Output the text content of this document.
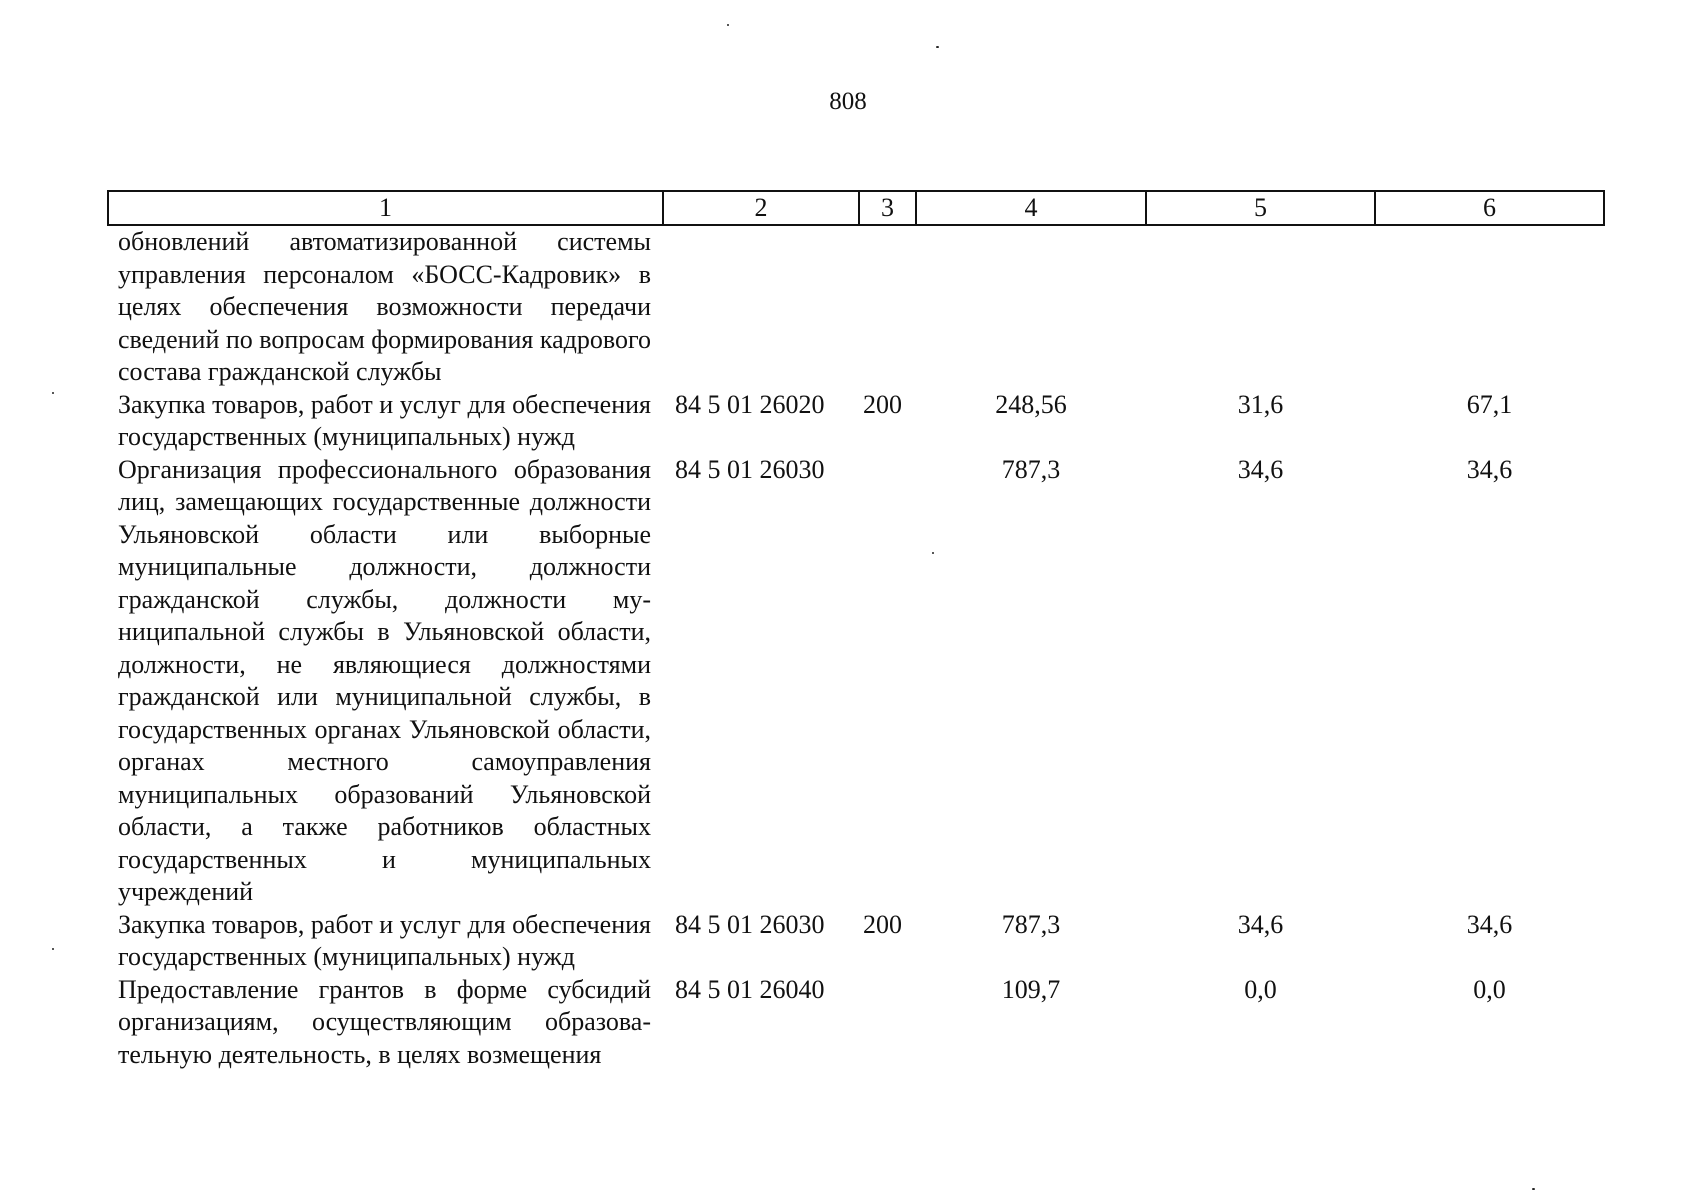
808
1	2	3	4	5	6
обновлений автоматизированной системы управления персоналом «БОСС-Кадровик» в целях обеспечения возможности передачи сведений по вопросам формирования кадрового состава гражданской службы					
Закупка товаров, работ и услуг для обеспечения государственных (муниципальных) нужд	84 5 01 26020	200	248,56	31,6	67,1
Организация профессионального образования лиц, замещающих государственные должности Ульяновской области или выборные муниципальные должности, должности гражданской службы, должности муниципальной службы в Ульяновской области, должности, не являющиеся должностями гражданской или муниципальной службы, в государственных органах Ульяновской области, органах местного самоуправления муниципальных образований Ульяновской области, а также работников областных государственных и муниципальных учреждений	84 5 01 26030		787,3	34,6	34,6
Закупка товаров, работ и услуг для обеспечения государственных (муниципальных) нужд	84 5 01 26030	200	787,3	34,6	34,6
Предоставление грантов в форме субсидий организациям, осуществляющим образовательную деятельность, в целях возмещения	84 5 01 26040		109,7	0,0	0,0
